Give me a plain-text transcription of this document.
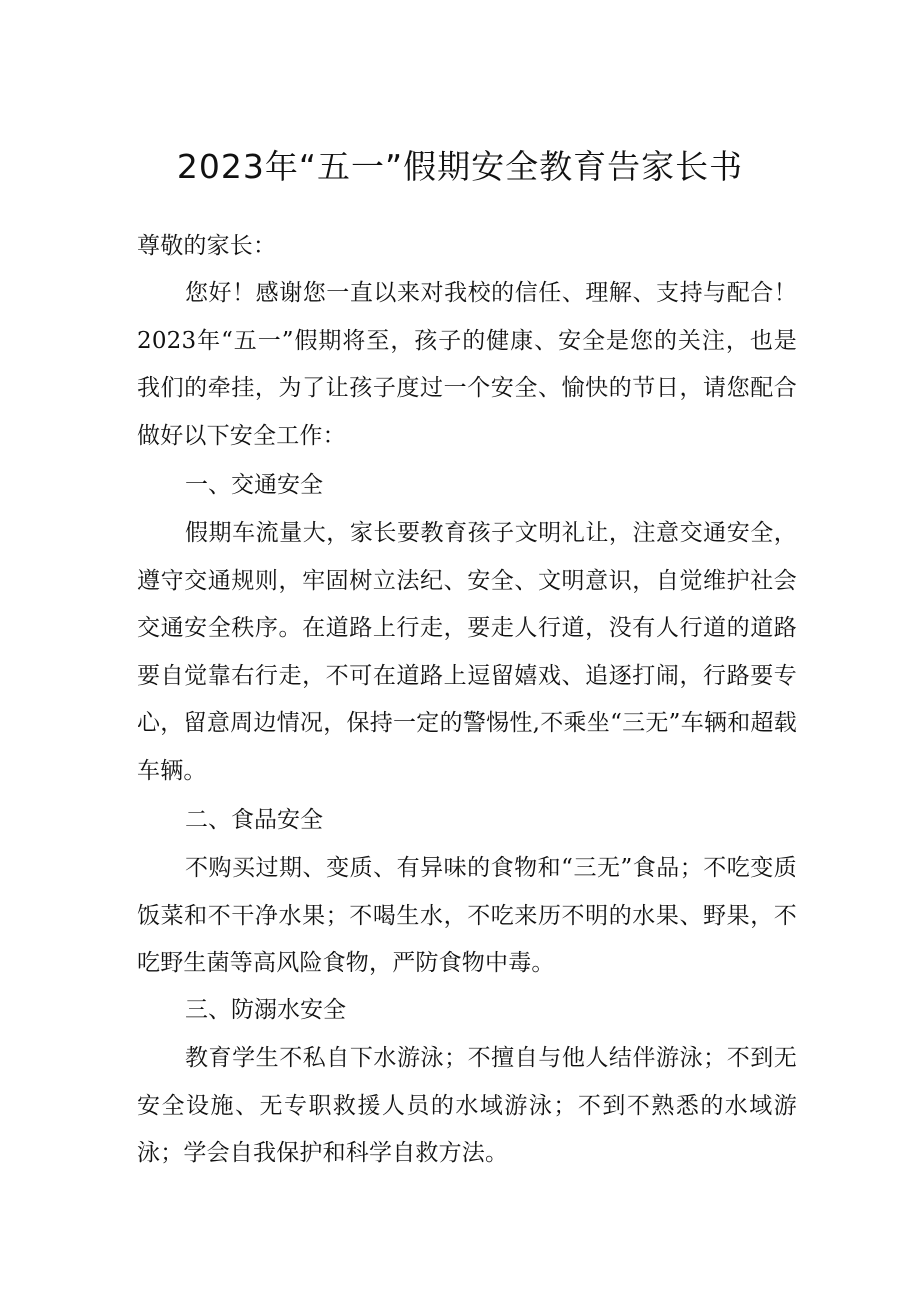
2023年“五一”假期安全教育告家长书
尊敬的家长：

您好！感谢您一直以来对我校的信任、理解、支持与配合！2023年“五一”假期将至，孩子的健康、安全是您的关注，也是我们的牵挂，为了让孩子度过一个安全、愉快的节日，请您配合做好以下安全工作：

一、交通安全

假期车流量大，家长要教育孩子文明礼让，注意交通安全，遵守交通规则，牢固树立法纪、安全、文明意识，自觉维护社会交通安全秩序。在道路上行走，要走人行道，没有人行道的道路要自觉靠右行走，不可在道路上逗留嬉戏、追逐打闹，行路要专心，留意周边情况，保持一定的警惕性,不乘坐“三无”车辆和超载车辆。

二、食品安全

不购买过期、变质、有异味的食物和“三无”食品；不吃变质饭菜和不干净水果；不喝生水，不吃来历不明的水果、野果，不吃野生菌等高风险食物，严防食物中毒。

三、防溺水安全

教育学生不私自下水游泳；不擅自与他人结伴游泳；不到无安全设施、无专职救援人员的水域游泳；不到不熟悉的水域游泳；学会自我保护和科学自救方法。
